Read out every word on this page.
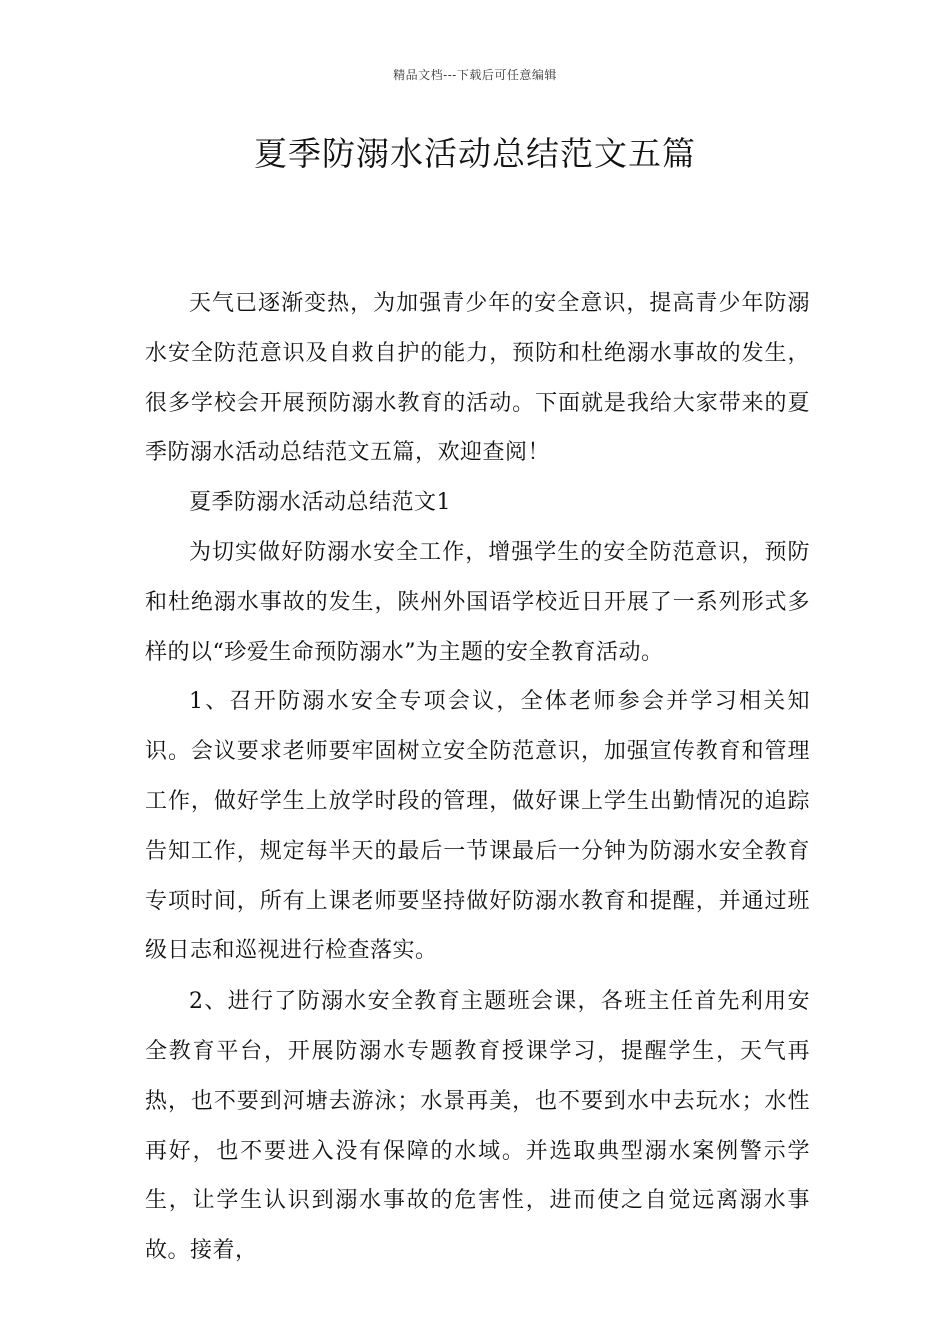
精品文档---下载后可任意编辑
夏季防溺水活动总结范文五篇

天气已逐渐变热，为加强青少年的安全意识，提高青少年防溺水安全防范意识及自救自护的能力，预防和杜绝溺水事故的发生，很多学校会开展预防溺水教育的活动。下面就是我给大家带来的夏季防溺水活动总结范文五篇，欢迎查阅！

夏季防溺水活动总结范文1

为切实做好防溺水安全工作，增强学生的安全防范意识，预防和杜绝溺水事故的发生，陕州外国语学校近日开展了一系列形式多样的以“珍爱生命预防溺水”为主题的安全教育活动。

1、召开防溺水安全专项会议，全体老师参会并学习相关知识。会议要求老师要牢固树立安全防范意识，加强宣传教育和管理工作，做好学生上放学时段的管理，做好课上学生出勤情况的追踪告知工作，规定每半天的最后一节课最后一分钟为防溺水安全教育专项时间，所有上课老师要坚持做好防溺水教育和提醒，并通过班级日志和巡视进行检查落实。

2、进行了防溺水安全教育主题班会课，各班主任首先利用安全教育平台，开展防溺水专题教育授课学习，提醒学生，天气再热，也不要到河塘去游泳；水景再美，也不要到水中去玩水；水性再好，也不要进入没有保障的水域。并选取典型溺水案例警示学生，让学生认识到溺水事故的危害性，进而使之自觉远离溺水事故。接着，
